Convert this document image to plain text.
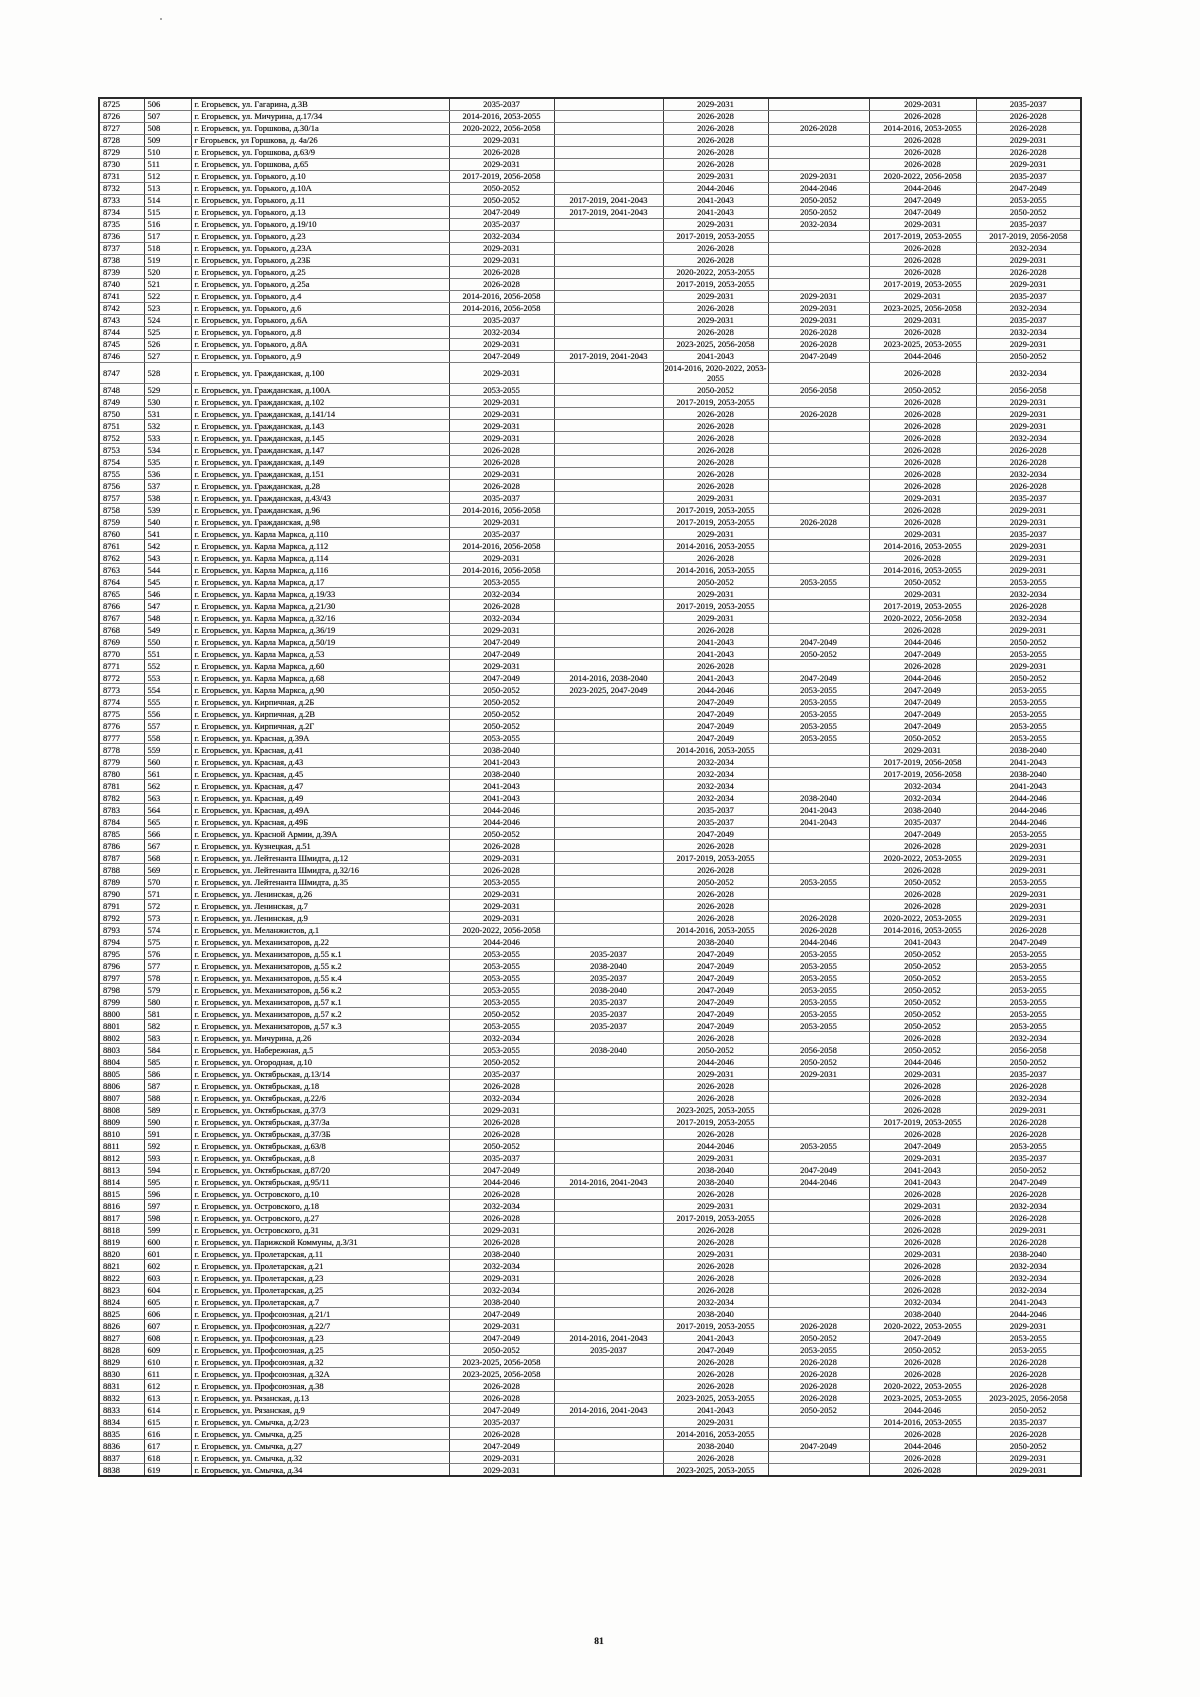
8725	506	г. Егорьевск, ул. Гагарина, д.3В	2035-2037		2029-2031		2029-2031	2035-2037
8726	507	г. Егорьевск, ул. Мичурина, д.17/34	2014-2016, 2053-2055		2026-2028		2026-2028	2026-2028
8727	508	г. Егорьевск, ул. Горшкова, д.30/1а	2020-2022, 2056-2058		2026-2028	2026-2028	2014-2016, 2053-2055	2026-2028
8728	509	г Егорьевск, ул Горшкова, д. 4а/26	2029-2031		2026-2028		2026-2028	2029-2031
8729	510	г. Егорьевск, ул. Горшкова, д.63/9	2026-2028		2026-2028		2026-2028	2026-2028
8730	511	г. Егорьевск, ул. Горшкова, д.65	2029-2031		2026-2028		2026-2028	2029-2031
8731	512	г. Егорьевск, ул. Горького, д.10	2017-2019, 2056-2058		2029-2031	2029-2031	2020-2022, 2056-2058	2035-2037
8732	513	г. Егорьевск, ул. Горького, д.10А	2050-2052		2044-2046	2044-2046	2044-2046	2047-2049
8733	514	г. Егорьевск, ул. Горького, д.11	2050-2052	2017-2019, 2041-2043	2041-2043	2050-2052	2047-2049	2053-2055
8734	515	г. Егорьевск, ул. Горького, д.13	2047-2049	2017-2019, 2041-2043	2041-2043	2050-2052	2047-2049	2050-2052
8735	516	г. Егорьевск, ул. Горького, д.19/10	2035-2037		2029-2031	2032-2034	2029-2031	2035-2037
8736	517	г. Егорьевск, ул. Горького, д.23	2032-2034		2017-2019, 2053-2055		2017-2019, 2053-2055	2017-2019, 2056-2058
8737	518	г. Егорьевск, ул. Горького, д.23А	2029-2031		2026-2028		2026-2028	2032-2034
8738	519	г. Егорьевск, ул. Горького, д.23Б	2029-2031		2026-2028		2026-2028	2029-2031
8739	520	г. Егорьевск, ул. Горького, д.25	2026-2028		2020-2022, 2053-2055		2026-2028	2026-2028
8740	521	г. Егорьевск, ул. Горького, д.25а	2026-2028		2017-2019, 2053-2055		2017-2019, 2053-2055	2029-2031
8741	522	г. Егорьевск, ул. Горького, д.4	2014-2016, 2056-2058		2029-2031	2029-2031	2029-2031	2035-2037
8742	523	г. Егорьевск, ул. Горького, д.6	2014-2016, 2056-2058		2026-2028	2029-2031	2023-2025, 2056-2058	2032-2034
8743	524	г. Егорьевск, ул. Горького, д.6А	2035-2037		2029-2031	2029-2031	2029-2031	2035-2037
8744	525	г. Егорьевск, ул. Горького, д.8	2032-2034		2026-2028	2026-2028	2026-2028	2032-2034
8745	526	г. Егорьевск, ул. Горького, д.8А	2029-2031		2023-2025, 2056-2058	2026-2028	2023-2025, 2053-2055	2029-2031
8746	527	г. Егорьевск, ул. Горького, д.9	2047-2049	2017-2019, 2041-2043	2041-2043	2047-2049	2044-2046	2050-2052
8747	528	г. Егорьевск, ул. Гражданская, д.100	2029-2031		2014-2016, 2020-2022, 2053-2055		2026-2028	2032-2034
8748	529	г. Егорьевск, ул. Гражданская, д.100А	2053-2055		2050-2052	2056-2058	2050-2052	2056-2058
8749	530	г. Егорьевск, ул. Гражданская, д.102	2029-2031		2017-2019, 2053-2055		2026-2028	2029-2031
8750	531	г. Егорьевск, ул. Гражданская, д.141/14	2029-2031		2026-2028	2026-2028	2026-2028	2029-2031
8751	532	г. Егорьевск, ул. Гражданская, д.143	2029-2031		2026-2028		2026-2028	2029-2031
8752	533	г. Егорьевск, ул. Гражданская, д.145	2029-2031		2026-2028		2026-2028	2032-2034
8753	534	г. Егорьевск, ул. Гражданская, д.147	2026-2028		2026-2028		2026-2028	2026-2028
8754	535	г. Егорьевск, ул. Гражданская, д.149	2026-2028		2026-2028		2026-2028	2026-2028
8755	536	г. Егорьевск, ул. Гражданская, д.151	2029-2031		2026-2028		2026-2028	2032-2034
8756	537	г. Егорьевск, ул. Гражданская, д.28	2026-2028		2026-2028		2026-2028	2026-2028
8757	538	г. Егорьевск, ул. Гражданская, д.43/43	2035-2037		2029-2031		2029-2031	2035-2037
8758	539	г. Егорьевск, ул. Гражданская, д.96	2014-2016, 2056-2058		2017-2019, 2053-2055		2026-2028	2029-2031
8759	540	г. Егорьевск, ул. Гражданская, д.98	2029-2031		2017-2019, 2053-2055	2026-2028	2026-2028	2029-2031
8760	541	г. Егорьевск, ул. Карла Маркса, д.110	2035-2037		2029-2031		2029-2031	2035-2037
8761	542	г. Егорьевск, ул. Карла Маркса, д.112	2014-2016, 2056-2058		2014-2016, 2053-2055		2014-2016, 2053-2055	2029-2031
8762	543	г. Егорьевск, ул. Карла Маркса, д.114	2029-2031		2026-2028		2026-2028	2029-2031
8763	544	г. Егорьевск, ул. Карла Маркса, д.116	2014-2016, 2056-2058		2014-2016, 2053-2055		2014-2016, 2053-2055	2029-2031
8764	545	г. Егорьевск, ул. Карла Маркса, д.17	2053-2055		2050-2052	2053-2055	2050-2052	2053-2055
8765	546	г. Егорьевск, ул. Карла Маркса, д.19/33	2032-2034		2029-2031		2029-2031	2032-2034
8766	547	г. Егорьевск, ул. Карла Маркса, д.21/30	2026-2028		2017-2019, 2053-2055		2017-2019, 2053-2055	2026-2028
8767	548	г. Егорьевск, ул. Карла Маркса, д.32/16	2032-2034		2029-2031		2020-2022, 2056-2058	2032-2034
8768	549	г. Егорьевск, ул. Карла Маркса, д.36/19	2029-2031		2026-2028		2026-2028	2029-2031
8769	550	г. Егорьевск, ул. Карла Маркса, д.50/19	2047-2049		2041-2043	2047-2049	2044-2046	2050-2052
8770	551	г. Егорьевск, ул. Карла Маркса, д.53	2047-2049		2041-2043	2050-2052	2047-2049	2053-2055
8771	552	г. Егорьевск, ул. Карла Маркса, д.60	2029-2031		2026-2028		2026-2028	2029-2031
8772	553	г. Егорьевск, ул. Карла Маркса, д.68	2047-2049	2014-2016, 2038-2040	2041-2043	2047-2049	2044-2046	2050-2052
8773	554	г. Егорьевск, ул. Карла Маркса, д.90	2050-2052	2023-2025, 2047-2049	2044-2046	2053-2055	2047-2049	2053-2055
8774	555	г. Егорьевск, ул. Кирпичная, д.2Б	2050-2052		2047-2049	2053-2055	2047-2049	2053-2055
8775	556	г. Егорьевск, ул. Кирпичная, д.2В	2050-2052		2047-2049	2053-2055	2047-2049	2053-2055
8776	557	г. Егорьевск, ул. Кирпичная, д.2Г	2050-2052		2047-2049	2053-2055	2047-2049	2053-2055
8777	558	г. Егорьевск, ул. Красная, д.39А	2053-2055		2047-2049	2053-2055	2050-2052	2053-2055
8778	559	г. Егорьевск, ул. Красная, д.41	2038-2040		2014-2016, 2053-2055		2029-2031	2038-2040
8779	560	г. Егорьевск, ул. Красная, д.43	2041-2043		2032-2034		2017-2019, 2056-2058	2041-2043
8780	561	г. Егорьевск, ул. Красная, д.45	2038-2040		2032-2034		2017-2019, 2056-2058	2038-2040
8781	562	г. Егорьевск, ул. Красная, д.47	2041-2043		2032-2034		2032-2034	2041-2043
8782	563	г. Егорьевск, ул. Красная, д.49	2041-2043		2032-2034	2038-2040	2032-2034	2044-2046
8783	564	г. Егорьевск, ул. Красная, д.49А	2044-2046		2035-2037	2041-2043	2038-2040	2044-2046
8784	565	г. Егорьевск, ул. Красная, д.49Б	2044-2046		2035-2037	2041-2043	2035-2037	2044-2046
8785	566	г. Егорьевск, ул. Красной Армии, д.39А	2050-2052		2047-2049		2047-2049	2053-2055
8786	567	г. Егорьевск, ул. Кузнецкая, д.51	2026-2028		2026-2028		2026-2028	2029-2031
8787	568	г. Егорьевск, ул. Лейтенанта Шмидта, д.12	2029-2031		2017-2019, 2053-2055		2020-2022, 2053-2055	2029-2031
8788	569	г. Егорьевск, ул. Лейтенанта Шмидта, д.32/16	2026-2028		2026-2028		2026-2028	2029-2031
8789	570	г. Егорьевск, ул. Лейтенанта Шмидта, д.35	2053-2055		2050-2052	2053-2055	2050-2052	2053-2055
8790	571	г. Егорьевск, ул. Ленинская, д.26	2029-2031		2026-2028		2026-2028	2029-2031
8791	572	г. Егорьевск, ул. Ленинская, д.7	2029-2031		2026-2028		2026-2028	2029-2031
8792	573	г. Егорьевск, ул. Ленинская, д.9	2029-2031		2026-2028	2026-2028	2020-2022, 2053-2055	2029-2031
8793	574	г. Егорьевск, ул. Меланжистов, д.1	2020-2022, 2056-2058		2014-2016, 2053-2055	2026-2028	2014-2016, 2053-2055	2026-2028
8794	575	г. Егорьевск, ул. Механизаторов, д.22	2044-2046		2038-2040	2044-2046	2041-2043	2047-2049
8795	576	г. Егорьевск, ул. Механизаторов, д.55 к.1	2053-2055	2035-2037	2047-2049	2053-2055	2050-2052	2053-2055
8796	577	г. Егорьевск, ул. Механизаторов, д.55 к.2	2053-2055	2038-2040	2047-2049	2053-2055	2050-2052	2053-2055
8797	578	г. Егорьевск, ул. Механизаторов, д.55 к.4	2053-2055	2035-2037	2047-2049	2053-2055	2050-2052	2053-2055
8798	579	г. Егорьевск, ул. Механизаторов, д.56 к.2	2053-2055	2038-2040	2047-2049	2053-2055	2050-2052	2053-2055
8799	580	г. Егорьевск, ул. Механизаторов, д.57 к.1	2053-2055	2035-2037	2047-2049	2053-2055	2050-2052	2053-2055
8800	581	г. Егорьевск, ул. Механизаторов, д.57 к.2	2050-2052	2035-2037	2047-2049	2053-2055	2050-2052	2053-2055
8801	582	г. Егорьевск, ул. Механизаторов, д.57 к.3	2053-2055	2035-2037	2047-2049	2053-2055	2050-2052	2053-2055
8802	583	г. Егорьевск, ул. Мичурина, д.26	2032-2034		2026-2028		2026-2028	2032-2034
8803	584	г. Егорьевск, ул. Набережная, д.5	2053-2055	2038-2040	2050-2052	2056-2058	2050-2052	2056-2058
8804	585	г. Егорьевск, ул. Огородная, д.10	2050-2052		2044-2046	2050-2052	2044-2046	2050-2052
8805	586	г. Егорьевск, ул. Октябрьская, д.13/14	2035-2037		2029-2031	2029-2031	2029-2031	2035-2037
8806	587	г. Егорьевск, ул. Октябрьская, д.18	2026-2028		2026-2028		2026-2028	2026-2028
8807	588	г. Егорьевск, ул. Октябрьская, д.22/6	2032-2034		2026-2028		2026-2028	2032-2034
8808	589	г. Егорьевск, ул. Октябрьская, д.37/3	2029-2031		2023-2025, 2053-2055		2026-2028	2029-2031
8809	590	г. Егорьевск, ул. Октябрьская, д.37/3а	2026-2028		2017-2019, 2053-2055		2017-2019, 2053-2055	2026-2028
8810	591	г. Егорьевск, ул. Октябрьская, д.37/3Б	2026-2028		2026-2028		2026-2028	2026-2028
8811	592	г. Егорьевск, ул. Октябрьская, д.63/8	2050-2052		2044-2046	2053-2055	2047-2049	2053-2055
8812	593	г. Егорьевск, ул. Октябрьская, д.8	2035-2037		2029-2031		2029-2031	2035-2037
8813	594	г. Егорьевск, ул. Октябрьская, д.87/20	2047-2049		2038-2040	2047-2049	2041-2043	2050-2052
8814	595	г. Егорьевск, ул. Октябрьская, д.95/11	2044-2046	2014-2016, 2041-2043	2038-2040	2044-2046	2041-2043	2047-2049
8815	596	г. Егорьевск, ул. Островского, д.10	2026-2028		2026-2028		2026-2028	2026-2028
8816	597	г. Егорьевск, ул. Островского, д.18	2032-2034		2029-2031		2029-2031	2032-2034
8817	598	г. Егорьевск, ул. Островского, д.27	2026-2028		2017-2019, 2053-2055		2026-2028	2026-2028
8818	599	г. Егорьевск, ул. Островского, д.31	2029-2031		2026-2028		2026-2028	2029-2031
8819	600	г. Егорьевск, ул. Парижской Коммуны, д.3/31	2026-2028		2026-2028		2026-2028	2026-2028
8820	601	г. Егорьевск, ул. Пролетарская, д.11	2038-2040		2029-2031		2029-2031	2038-2040
8821	602	г. Егорьевск, ул. Пролетарская, д.21	2032-2034		2026-2028		2026-2028	2032-2034
8822	603	г. Егорьевск, ул. Пролетарская, д.23	2029-2031		2026-2028		2026-2028	2032-2034
8823	604	г. Егорьевск, ул. Пролетарская, д.25	2032-2034		2026-2028		2026-2028	2032-2034
8824	605	г. Егорьевск, ул. Пролетарская, д.7	2038-2040		2032-2034		2032-2034	2041-2043
8825	606	г. Егорьевск, ул. Профсоюзная, д.21/1	2047-2049		2038-2040		2038-2040	2044-2046
8826	607	г. Егорьевск, ул. Профсоюзная, д.22/7	2029-2031		2017-2019, 2053-2055	2026-2028	2020-2022, 2053-2055	2029-2031
8827	608	г. Егорьевск, ул. Профсоюзная, д.23	2047-2049	2014-2016, 2041-2043	2041-2043	2050-2052	2047-2049	2053-2055
8828	609	г. Егорьевск, ул. Профсоюзная, д.25	2050-2052	2035-2037	2047-2049	2053-2055	2050-2052	2053-2055
8829	610	г. Егорьевск, ул. Профсоюзная, д.32	2023-2025, 2056-2058		2026-2028	2026-2028	2026-2028	2026-2028
8830	611	г. Егорьевск, ул. Профсоюзная, д.32А	2023-2025, 2056-2058		2026-2028	2026-2028	2026-2028	2026-2028
8831	612	г. Егорьевск, ул. Профсоюзная, д.38	2026-2028		2026-2028	2026-2028	2020-2022, 2053-2055	2026-2028
8832	613	г. Егорьевск, ул. Рязанская, д.13	2026-2028		2023-2025, 2053-2055	2026-2028	2023-2025, 2053-2055	2023-2025, 2056-2058
8833	614	г. Егорьевск, ул. Рязанская, д.9	2047-2049	2014-2016, 2041-2043	2041-2043	2050-2052	2044-2046	2050-2052
8834	615	г. Егорьевск, ул. Смычка, д.2/23	2035-2037		2029-2031		2014-2016, 2053-2055	2035-2037
8835	616	г. Егорьевск, ул. Смычка, д.25	2026-2028		2014-2016, 2053-2055		2026-2028	2026-2028
8836	617	г. Егорьевск, ул. Смычка, д.27	2047-2049		2038-2040	2047-2049	2044-2046	2050-2052
8837	618	г. Егорьевск, ул. Смычка, д.32	2029-2031		2026-2028		2026-2028	2029-2031
8838	619	г. Егорьевск, ул. Смычка, д.34	2029-2031		2023-2025, 2053-2055		2026-2028	2029-2031
81
